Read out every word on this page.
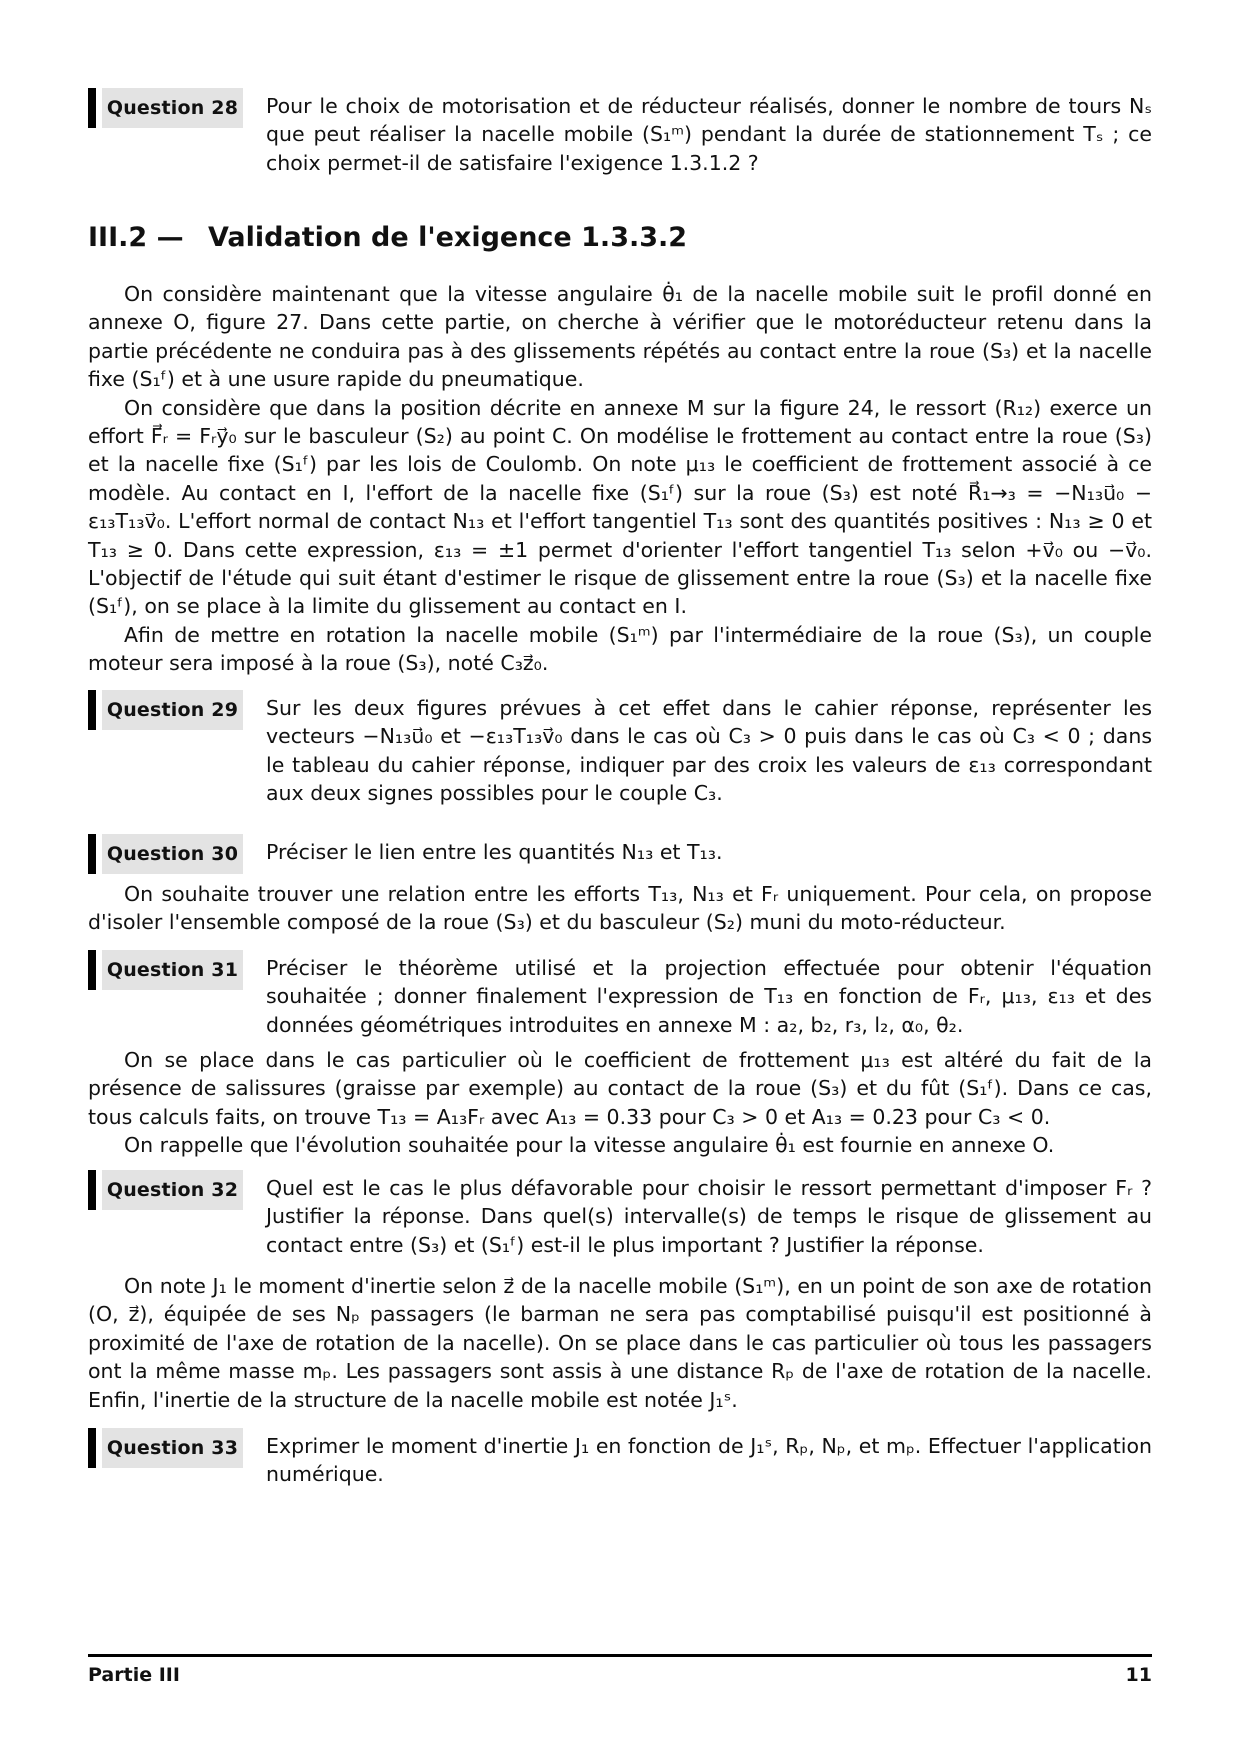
Question 28 Pour le choix de motorisation et de réducteur réalisés, donner le nombre de tours Nₛ que peut réaliser la nacelle mobile (S₁ᵐ) pendant la durée de stationnement Tₛ ; ce choix permet-il de satisfaire l'exigence 1.3.1.2 ?

III.2 — Validation de l'exigence 1.3.3.2

On considère maintenant que la vitesse angulaire θ̇₁ de la nacelle mobile suit le profil donné en annexe O, figure 27. Dans cette partie, on cherche à vérifier que le motoréducteur retenu dans la partie précédente ne conduira pas à des glissements répétés au contact entre la roue (S₃) et la nacelle fixe (S₁ᶠ) et à une usure rapide du pneumatique.

On considère que dans la position décrite en annexe M sur la figure 24, le ressort (R₁₂) exerce un effort F⃗ᵣ = Fᵣy⃗₀ sur le basculeur (S₂) au point C. On modélise le frottement au contact entre la roue (S₃) et la nacelle fixe (S₁ᶠ) par les lois de Coulomb. On note μ₁₃ le coefficient de frottement associé à ce modèle. Au contact en I, l'effort de la nacelle fixe (S₁ᶠ) sur la roue (S₃) est noté R⃗₁→₃ = −N₁₃u⃗₀ − ε₁₃T₁₃v⃗₀. L'effort normal de contact N₁₃ et l'effort tangentiel T₁₃ sont des quantités positives : N₁₃ ≥ 0 et T₁₃ ≥ 0. Dans cette expression, ε₁₃ = ±1 permet d'orienter l'effort tangentiel T₁₃ selon +v⃗₀ ou −v⃗₀. L'objectif de l'étude qui suit étant d'estimer le risque de glissement entre la roue (S₃) et la nacelle fixe (S₁ᶠ), on se place à la limite du glissement au contact en I.

Afin de mettre en rotation la nacelle mobile (S₁ᵐ) par l'intermédiaire de la roue (S₃), un couple moteur sera imposé à la roue (S₃), noté C₃z⃗₀.

Question 29 Sur les deux figures prévues à cet effet dans le cahier réponse, représenter les vecteurs −N₁₃u⃗₀ et −ε₁₃T₁₃v⃗₀ dans le cas où C₃ > 0 puis dans le cas où C₃ < 0 ; dans le tableau du cahier réponse, indiquer par des croix les valeurs de ε₁₃ correspondant aux deux signes possibles pour le couple C₃.

Question 30 Préciser le lien entre les quantités N₁₃ et T₁₃.

On souhaite trouver une relation entre les efforts T₁₃, N₁₃ et Fᵣ uniquement. Pour cela, on propose d'isoler l'ensemble composé de la roue (S₃) et du basculeur (S₂) muni du moto-réducteur.

Question 31 Préciser le théorème utilisé et la projection effectuée pour obtenir l'équation souhaitée ; donner finalement l'expression de T₁₃ en fonction de Fᵣ, μ₁₃, ε₁₃ et des données géométriques introduites en annexe M : a₂, b₂, r₃, l₂, α₀, θ₂.

On se place dans le cas particulier où le coefficient de frottement μ₁₃ est altéré du fait de la présence de salissures (graisse par exemple) au contact de la roue (S₃) et du fût (S₁ᶠ). Dans ce cas, tous calculs faits, on trouve T₁₃ = A₁₃Fᵣ avec A₁₃ = 0.33 pour C₃ > 0 et A₁₃ = 0.23 pour C₃ < 0.

On rappelle que l'évolution souhaitée pour la vitesse angulaire θ̇₁ est fournie en annexe O.

Question 32 Quel est le cas le plus défavorable pour choisir le ressort permettant d'imposer Fᵣ ? Justifier la réponse. Dans quel(s) intervalle(s) de temps le risque de glissement au contact entre (S₃) et (S₁ᶠ) est-il le plus important ? Justifier la réponse.

On note J₁ le moment d'inertie selon z⃗ de la nacelle mobile (S₁ᵐ), en un point de son axe de rotation (O, z⃗), équipée de ses Nₚ passagers (le barman ne sera pas comptabilisé puisqu'il est positionné à proximité de l'axe de rotation de la nacelle). On se place dans le cas particulier où tous les passagers ont la même masse mₚ. Les passagers sont assis à une distance Rₚ de l'axe de rotation de la nacelle. Enfin, l'inertie de la structure de la nacelle mobile est notée J₁ˢ.

Question 33 Exprimer le moment d'inertie J₁ en fonction de J₁ˢ, Rₚ, Nₚ, et mₚ. Effectuer l'application numérique.

Partie III	11
